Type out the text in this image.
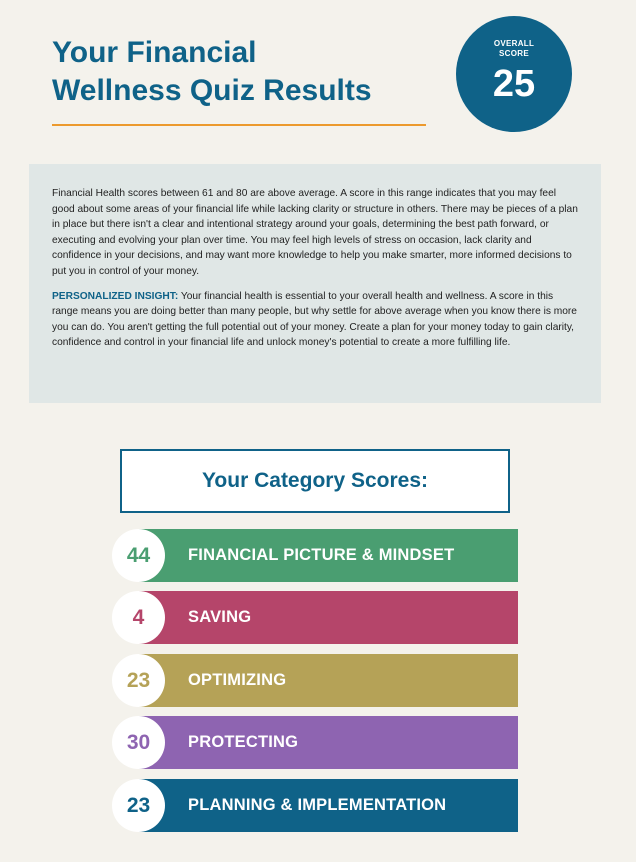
Your Financial
Wellness Quiz Results
OVERALL
SCORE
25

Financial Health scores between 61 and 80 are above average. A score in this range indicates that you may feel good about some areas of your financial life while lacking clarity or structure in others. There may be pieces of a plan in place but there isn't a clear and intentional strategy around your goals, determining the best path forward, or executing and evolving your plan over time. You may feel high levels of stress on occasion, lack clarity and confidence in your decisions, and may want more knowledge to help you make smarter, more informed decisions to put you in control of your money.

PERSONALIZED INSIGHT: Your financial health is essential to your overall health and wellness. A score in this range means you are doing better than many people, but why settle for above average when you know there is more you can do. You aren't getting the full potential out of your money. Create a plan for your money today to gain clarity, confidence and control in your financial life and unlock money's potential to create a more fulfilling life.

Your Category Scores:
44	FINANCIAL PICTURE & MINDSET
4	SAVING
23	OPTIMIZING
30	PROTECTING
23	PLANNING & IMPLEMENTATION
